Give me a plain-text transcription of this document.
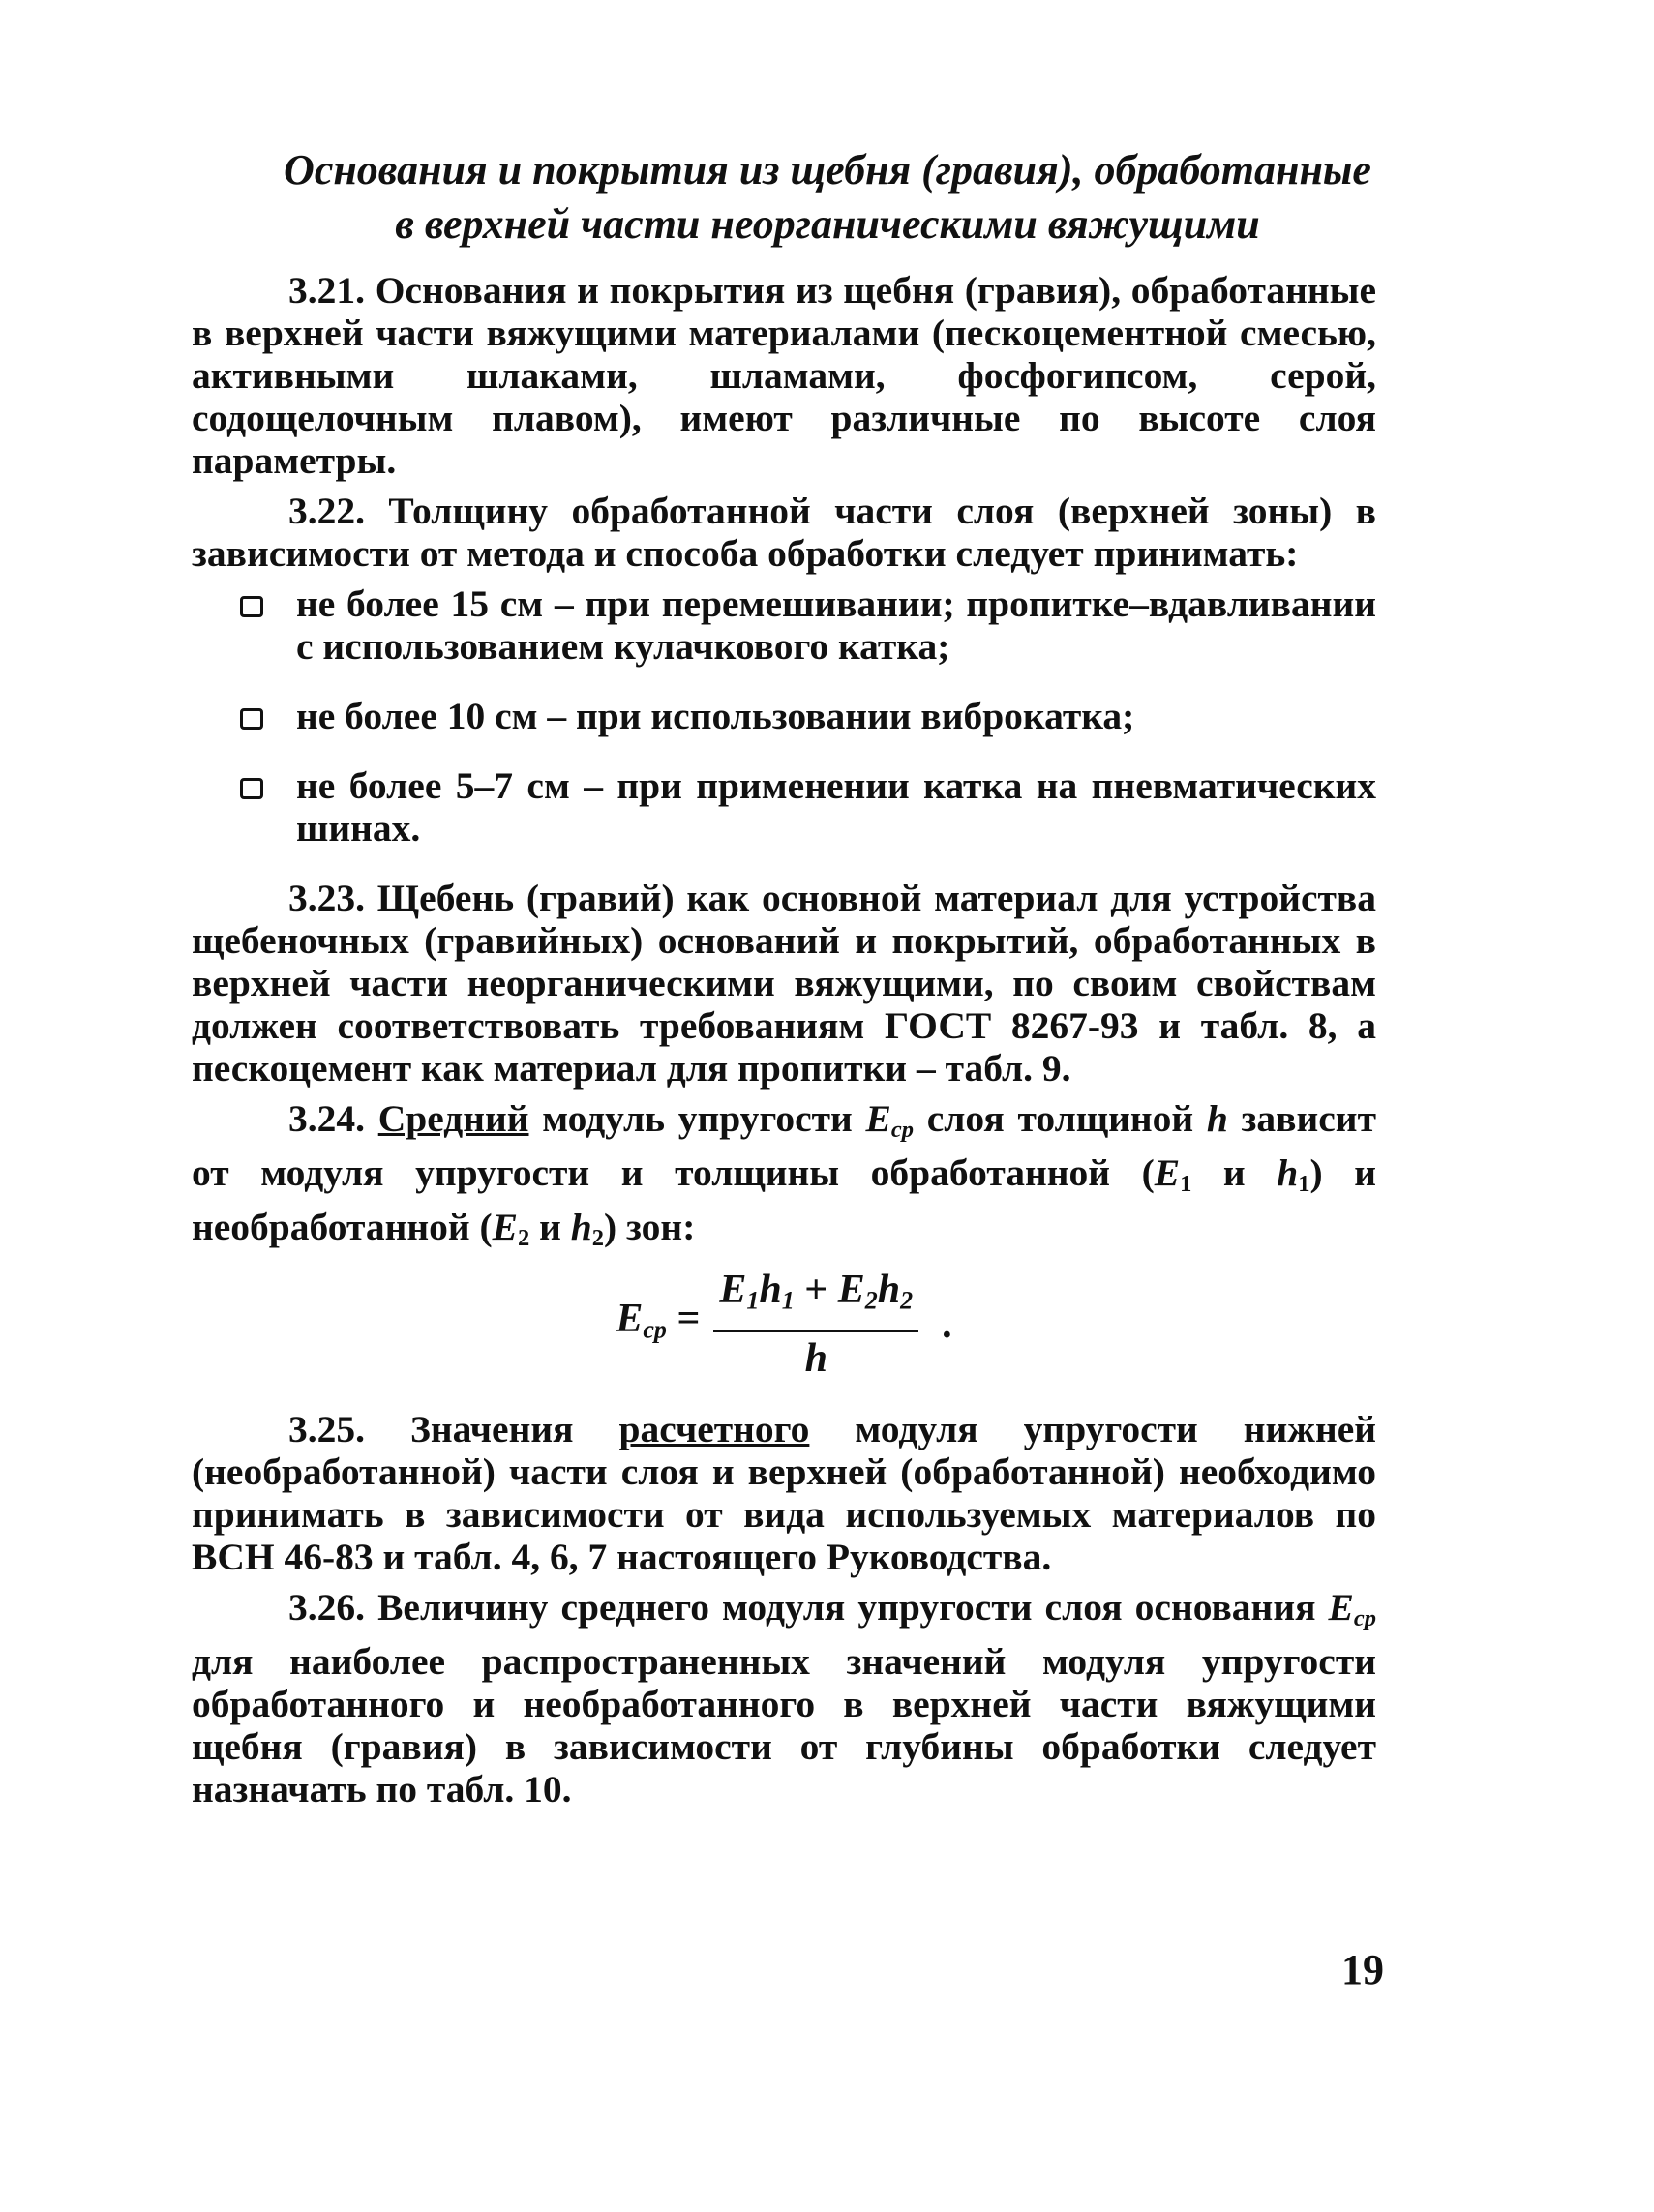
Основания и покрытия из щебня (гравия), обработанные
в верхней части неорганическими вяжущими

3.21. Основания и покрытия из щебня (гравия), обработанные в верхней части вяжущими материалами (пескоцементной смесью, активными шлаками, шламами, фосфогипсом, серой, содощелочным плавом), имеют различные по высоте слоя параметры.

3.22. Толщину обработанной части слоя (верхней зоны) в зависимости от метода и способа обработки следует принимать:

не более 15 см – при перемешивании; пропитке–вдавливании с использованием кулачкового катка;
не более 10 см – при использовании виброкатка;
не более 5–7 см – при применении катка на пневматических шинах.

3.23. Щебень (гравий) как основной материал для устройства щебеночных (гравийных) оснований и покрытий, обработанных в верхней части неорганическими вяжущими, по своим свойствам должен соответствовать требованиям ГОСТ 8267-93 и табл. 8, а пескоцемент как материал для пропитки – табл. 9.

3.24. Средний модуль упругости $E_{ср}$ слоя толщиной h зависит от модуля упругости и толщины обработанной ($E_1$ и $h_1$) и необработанной ($E_2$ и $h_2$) зон:

$E_{ср} = \frac{E_1h_1 + E_2h_2}{h}$ .

3.25. Значения расчетного модуля упругости нижней (необработанной) части слоя и верхней (обработанной) необходимо принимать в зависимости от вида используемых материалов по ВСН 46-83 и табл. 4, 6, 7 настоящего Руководства.

3.26. Величину среднего модуля упругости слоя основания $E_{ср}$ для наиболее распространенных значений модуля упругости обработанного и необработанного в верхней части вяжущими щебня (гравия) в зависимости от глубины обработки следует назначать по табл. 10.

19
